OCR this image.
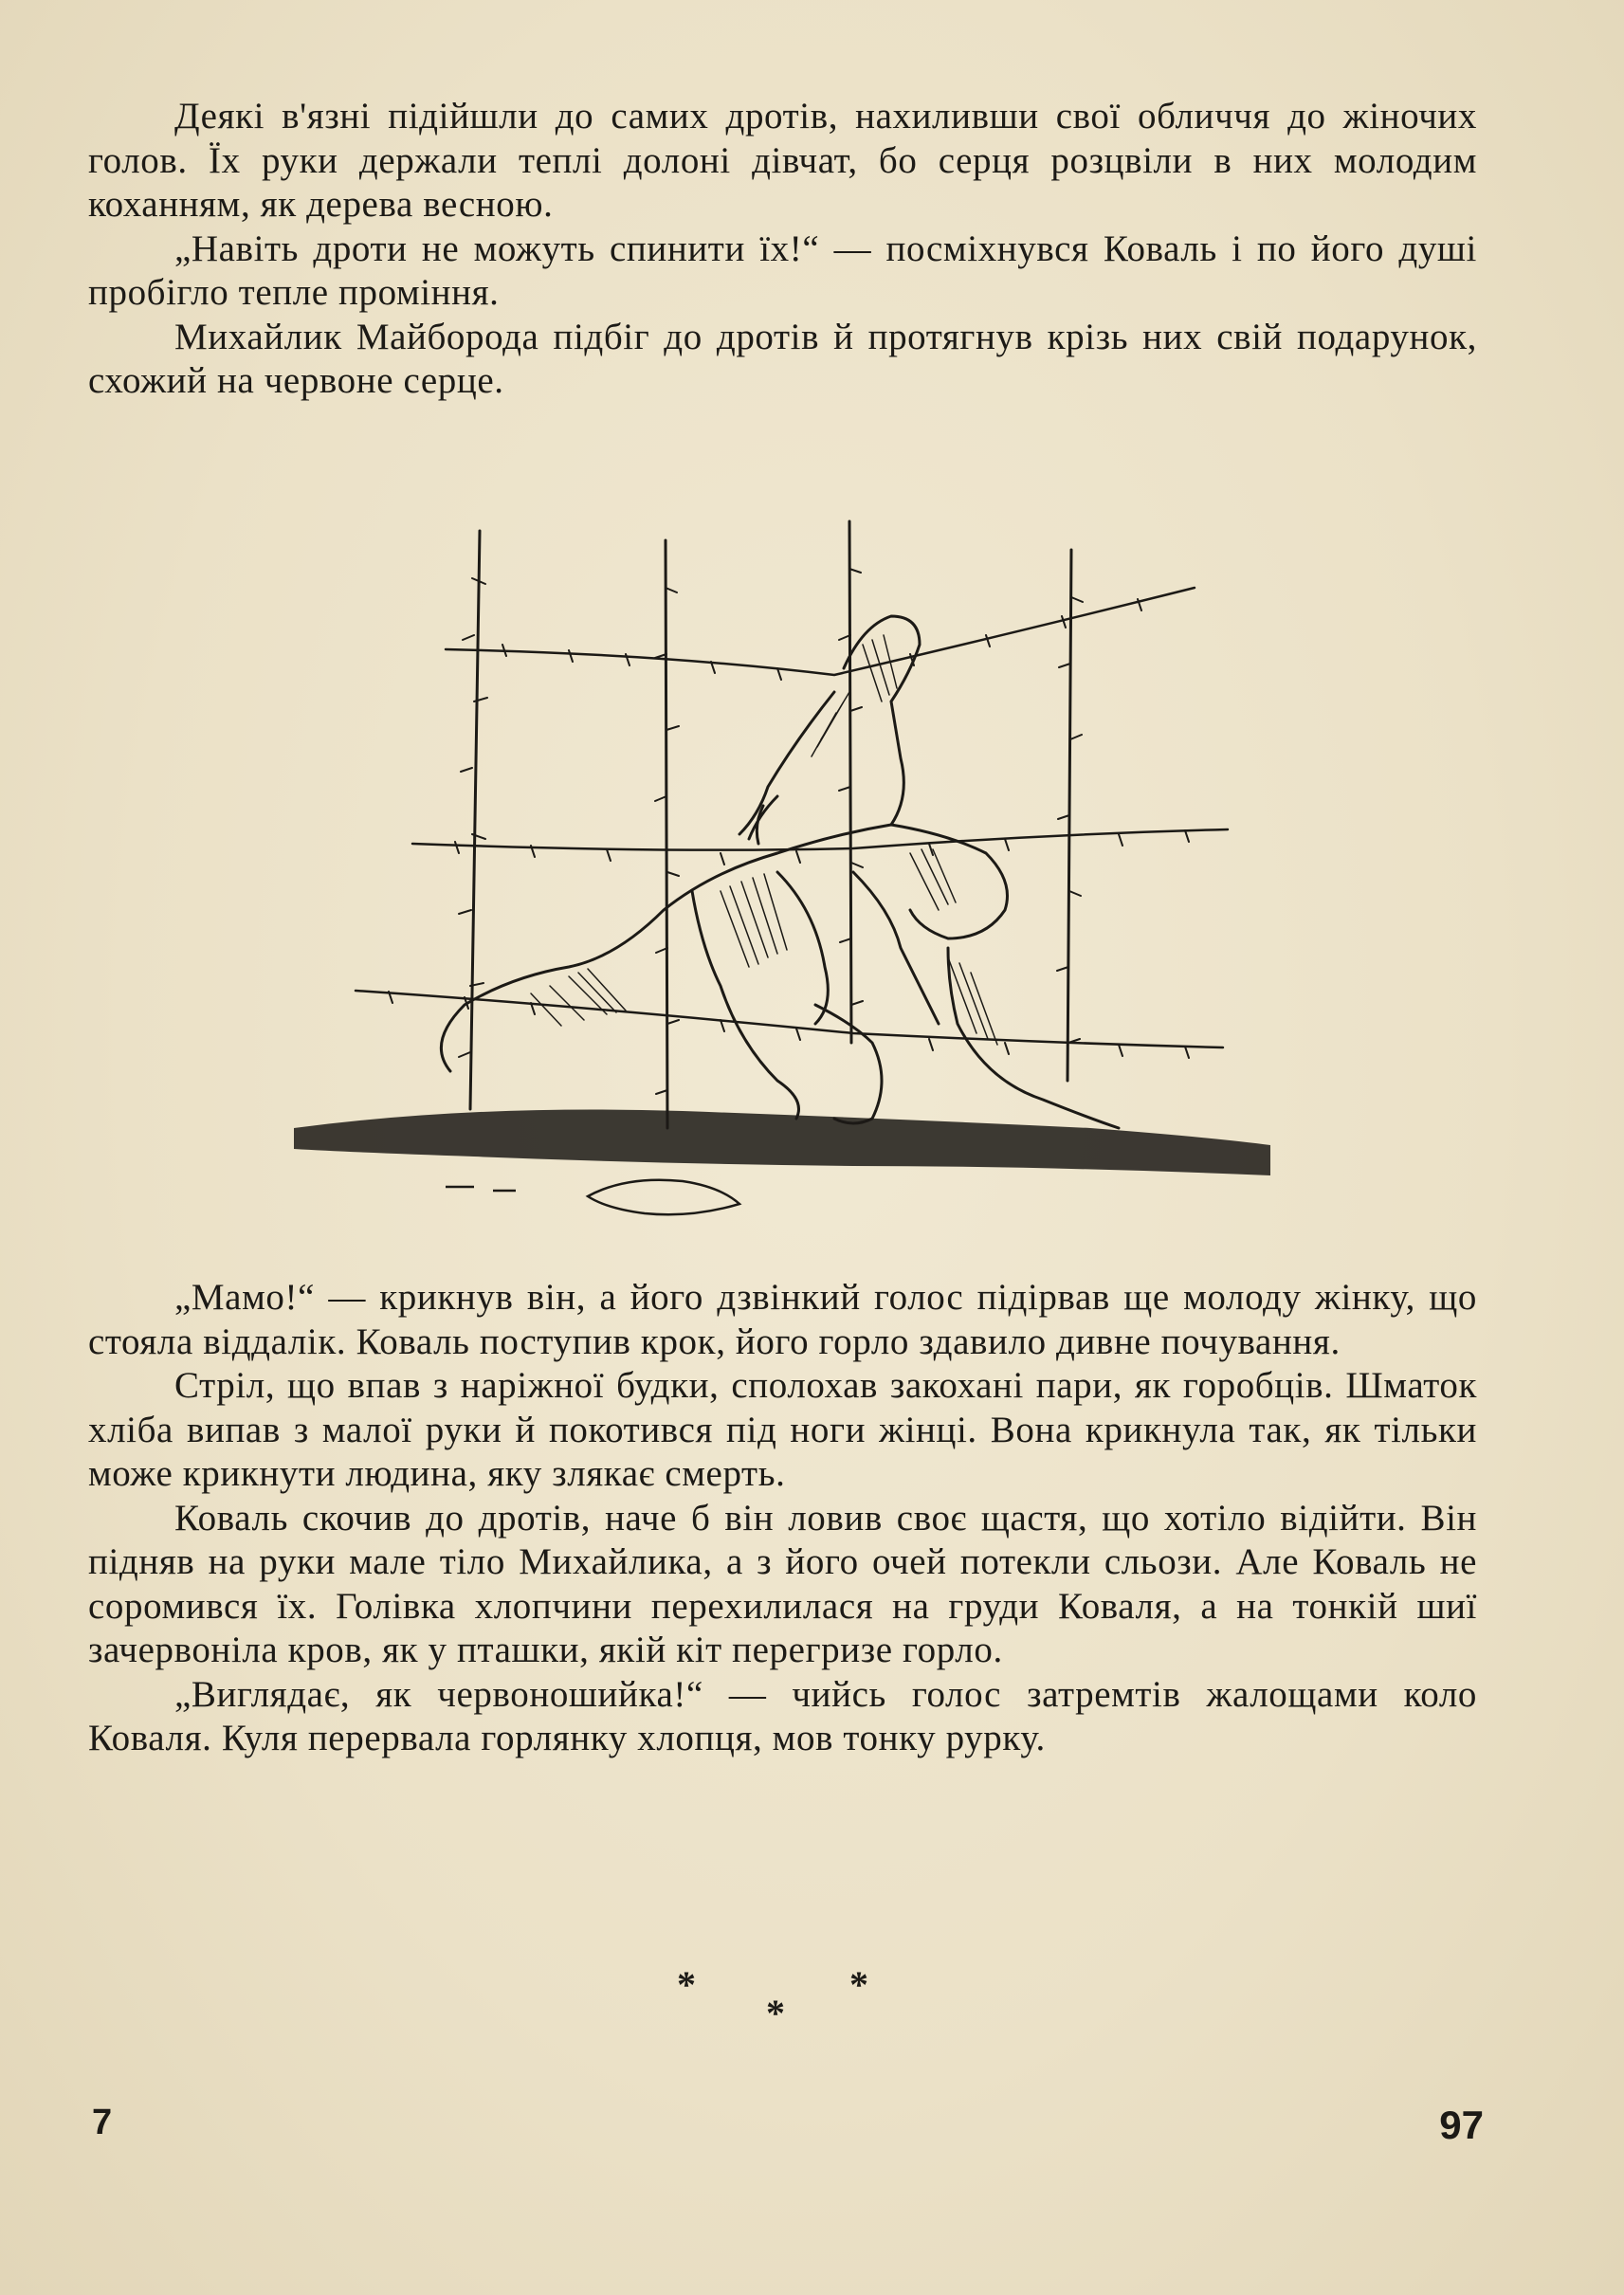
Деякі в'язні підійшли до самих дротів, нахиливши свої обличчя до жіночих голов. Їх руки держали теплі долоні дівчат, бо серця розцвіли в них молодим коханням, як дерева весною.

„Навіть дроти не можуть спинити їх!“ — посміхнувся Коваль і по його душі пробігло тепле проміння.

Михайлик Майборода підбіг до дротів й протягнув крізь них свій подарунок, схожий на червоне серце.

„Мамо!“ — крикнув він, а його дзвінкий голос підірвав ще молоду жінку, що стояла віддалік. Коваль поступив крок, його горло здавило дивне почування.

Стріл, що впав з наріжної будки, сполохав закохані пари, як горобців. Шматок хліба випав з малої руки й покотився під ноги жінці. Вона крикнула так, як тільки може крикнути людина, яку злякає смерть.

Коваль скочив до дротів, наче б він ловив своє щастя, що хотіло відійти. Він підняв на руки мале тіло Михайлика, а з його очей потекли сльози. Але Коваль не соромився їх. Голівка хлопчини перехилилася на груди Коваля, а на тонкій шиї зачервоніла кров, як у пташки, якій кіт перегризе горло.

„Виглядає, як червоношийка!“ — чийсь голос затремтів жалощами коло Коваля. Куля перервала горлянку хлопця, мов тонку рурку.

*
*
*
7	97
